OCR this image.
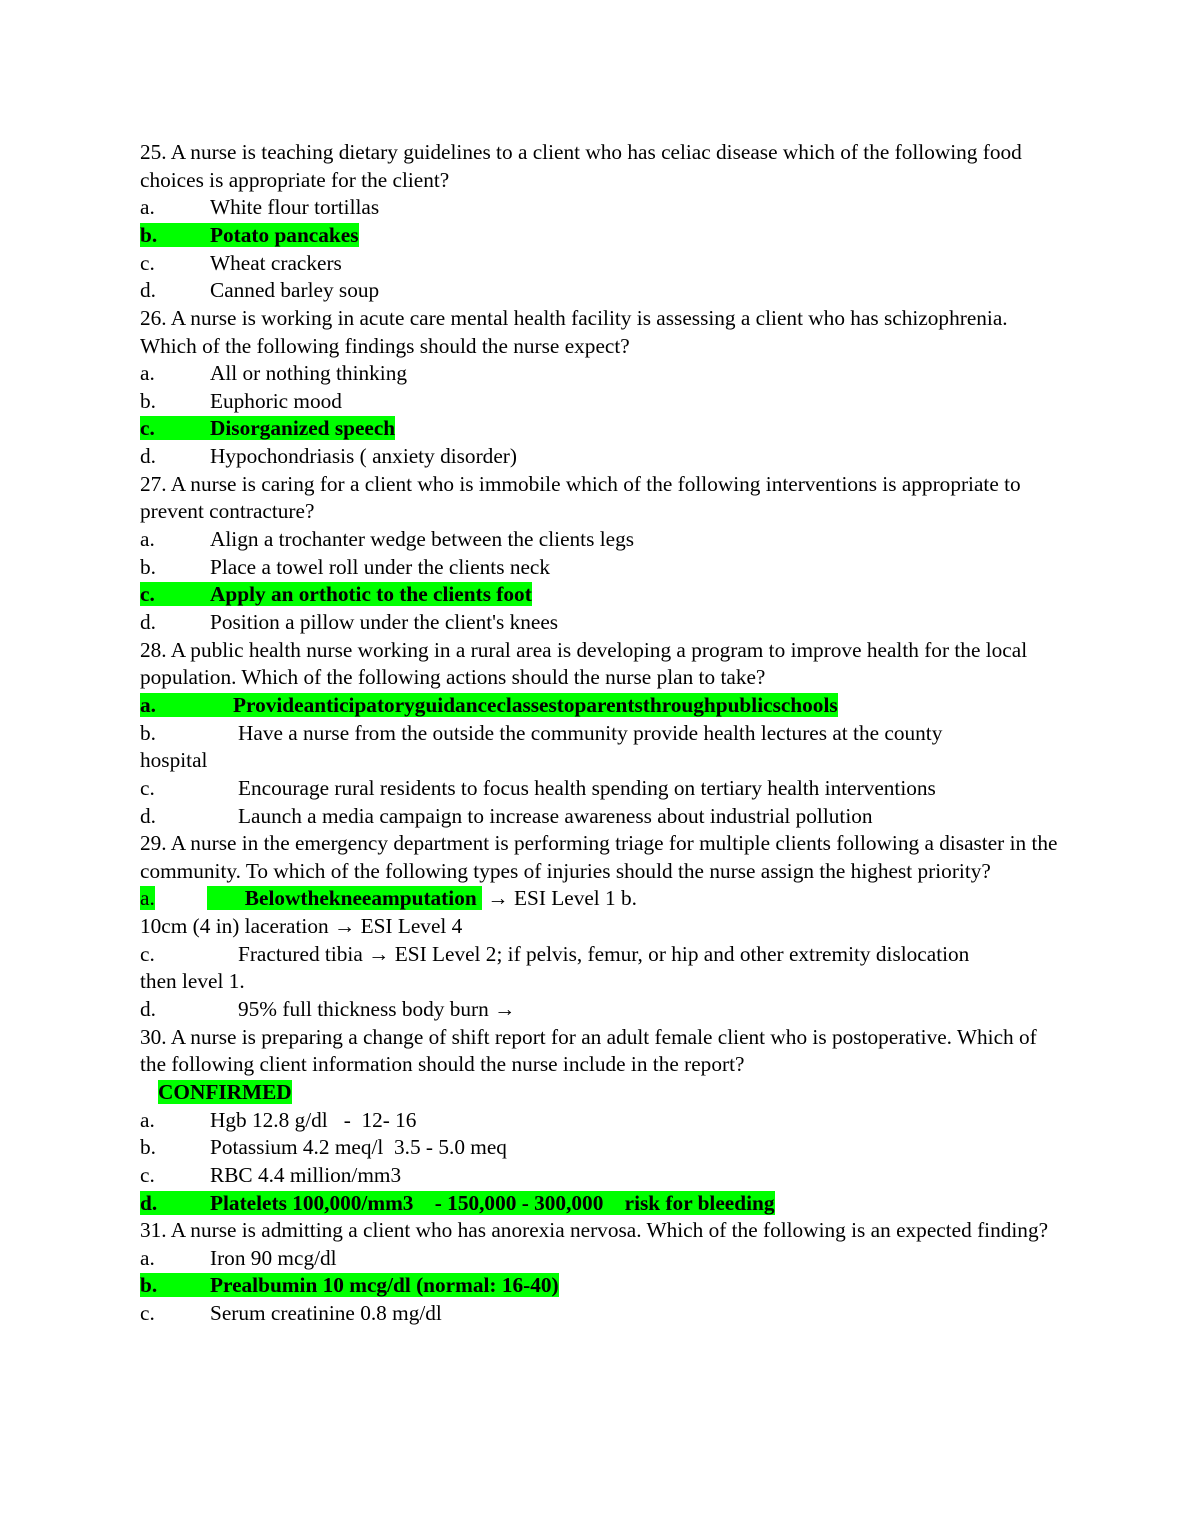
25. A nurse is teaching dietary guidelines to a client who has celiac disease which of the following food choices is appropriate for the client?
a.	White flour tortillas
b. Potato pancakes
c.	Wheat crackers
d.	Canned barley soup
26. A nurse is working in acute care mental health facility is assessing a client who has schizophrenia. Which of the following findings should the nurse expect?
a.	All or nothing thinking
b.	Euphoric mood
c.	Disorganized speech
d.	Hypochondriasis ( anxiety disorder)
27. A nurse is caring for a client who is immobile which of the following interventions is appropriate to prevent contracture?
a.	Align a trochanter wedge between the clients legs
b.	Place a towel roll under the clients neck
c.	Apply an orthotic to the clients foot
d.	Position a pillow under the client's knees
28. A public health nurse working in a rural area is developing a program to improve health for the local population. Which of the following actions should the nurse plan to take?
a.	Provideanticipatoryguidanceclassestoparentsthroughpublicschools
b.	Have a nurse from the outside the community provide health lectures at the county
hospital
c.	Encourage rural residents to focus health spending on tertiary health interventions
d.	Launch a media campaign to increase awareness about industrial pollution
29. A nurse in the emergency department is performing triage for multiple clients following a disaster in the community. To which of the following types of injuries should the nurse assign the highest priority?
a.	Belowthekneeamputation → ESI Level 1 b.
10cm (4 in) laceration → ESI Level 4
c.	Fractured tibia → ESI Level 2; if pelvis, femur, or hip and other extremity dislocation
then level 1.
d.	95% full thickness body burn →
30. A nurse is preparing a change of shift report for an adult female client who is postoperative. Which of the following client information should the nurse include in the report?
CONFIRMED
a.	Hgb 12.8 g/dl   -  12- 16
b.	Potassium 4.2 meq/l  3.5 - 5.0 meq
c.	RBC 4.4 million/mm3
d. Platelets 100,000/mm3    - 150,000 - 300,000    risk for bleeding
31. A nurse is admitting a client who has anorexia nervosa. Which of the following is an expected finding?
a.	Iron 90 mcg/dl
b. Prealbumin 10 mcg/dl (normal: 16-40)
c.	Serum creatinine 0.8 mg/dl
